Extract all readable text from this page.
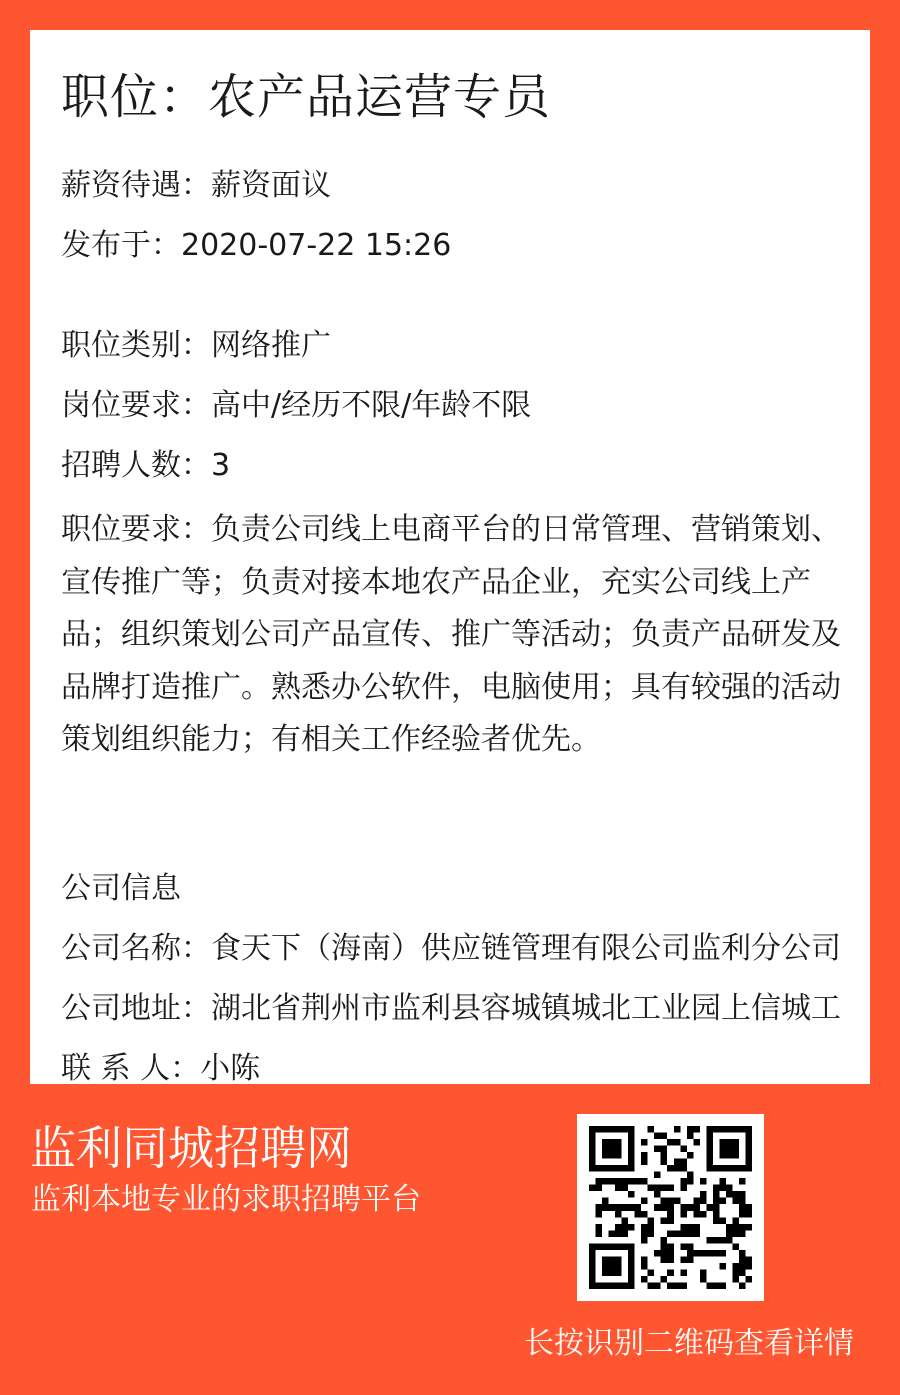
职位：农产品运营专员
薪资待遇：薪资面议
发布于：2020-07-22 15:26
职位类别：网络推广
岗位要求：高中/经历不限/年龄不限
招聘人数：3
职位要求：负责公司线上电商平台的日常管理、营销策划、宣传推广等；负责对接本地农产品企业，充实公司线上产品；组织策划公司产品宣传、推广等活动；负责产品研发及品牌打造推广。熟悉办公软件，电脑使用；具有较强的活动策划组织能力；有相关工作经验者优先。
公司信息
公司名称：食天下（海南）供应链管理有限公司监利分公司
公司地址：湖北省荆州市监利县容城镇城北工业园上信城工
联 系 人：小陈
监利同城招聘网
监利本地专业的求职招聘平台
长按识别二维码查看详情
